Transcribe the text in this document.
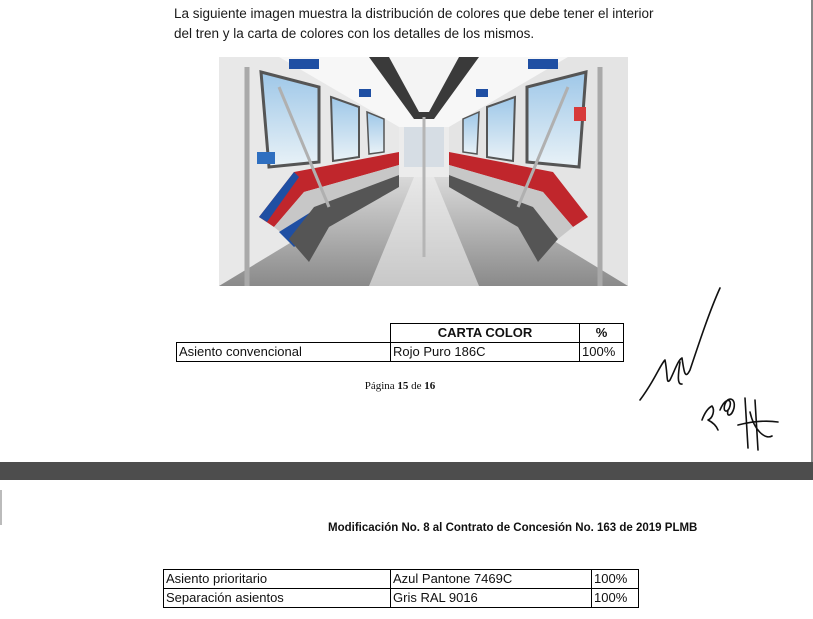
La siguiente imagen muestra la distribución de colores que debe tener el interior
del tren y la carta de colores con los detalles de los mismos.
	CARTA COLOR	%
Asiento convencional	Rojo Puro 186C	100%
Página 15 de 16
Modificación No. 8 al Contrato de Concesión No. 163 de 2019 PLMB
Asiento prioritario	Azul Pantone 7469C	100%
Separación asientos	Gris RAL 9016	100%
